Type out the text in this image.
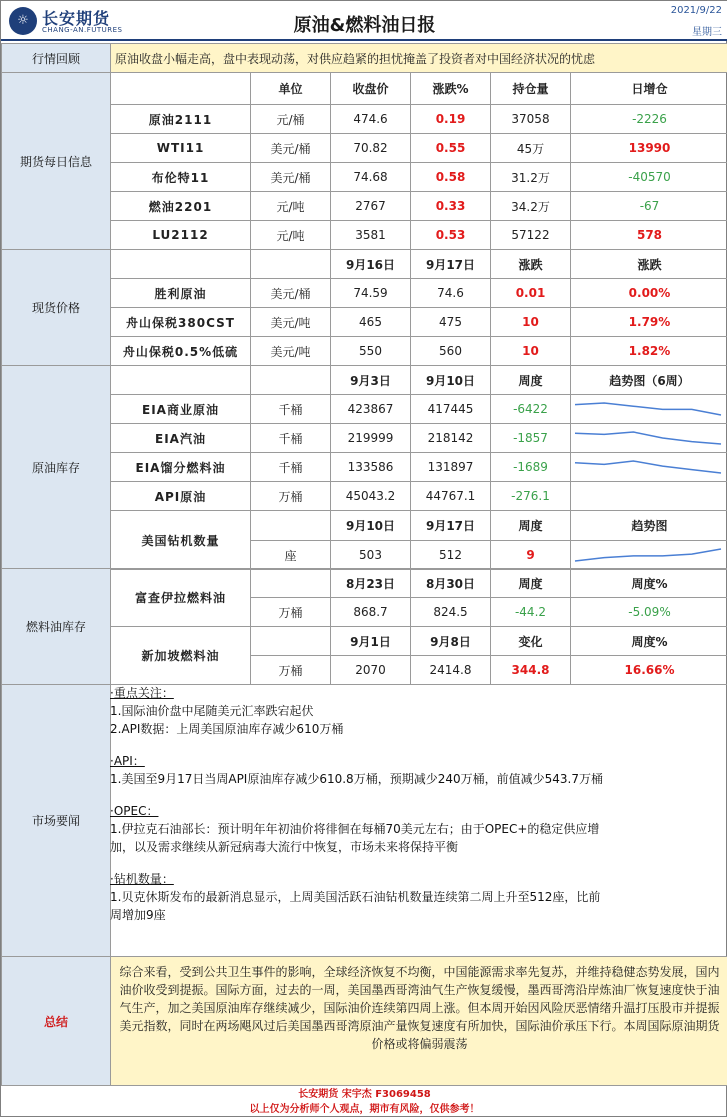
☼ 长安期货
CHANG-AN.FUTURES	原油&燃料油日报
2021/9/22
星期三
行情回顾	原油收盘小幅走高，盘中表现动荡，对供应趋紧的担忧掩盖了投资者对中国经济状况的忧虑
期货每日信息		单位	收盘价	涨跌%	持仓量	日增仓
	原油2111	元/桶	474.6	0.19	37058	-2226
	WTI11	美元/桶	70.82	0.55	45万	13990
	布伦特11	美元/桶	74.68	0.58	31.2万	-40570
	燃油2201	元/吨	2767	0.33	34.2万	-67
	LU2112	元/吨	3581	0.53	57122	578
现货价格			9月16日	9月17日	涨跌	涨跌
	胜利原油	美元/桶	74.59	74.6	0.01	0.00%
	舟山保税380CST	美元/吨	465	475	10	1.79%
	舟山保税0.5%低硫	美元/吨	550	560	10	1.82%
原油库存			9月3日	9月10日	周度	趋势图（6周）
	EIA商业原油	千桶	423867	417445	-6422	

	EIA汽油	千桶	219999	218142	-1857	

	EIA馏分燃料油	千桶	133586	131897	-1689	

	API原油	万桶	45043.2	44767.1	-276.1	
	美国钻机数量		9月10日	9月17日	周度	趋势图
		座	503	512	9	
燃料油库存	富查伊拉燃料油		8月23日	8月30日	周度	周度%
		万桶	868.7	824.5	-44.2	-5.09%
	新加坡燃料油		9月1日	9月8日	变化	周度%
		万桶	2070	2414.8	344.8	16.66%
市场要闻	
·重点关注：
1.国际油价盘中尾随美元汇率跌宕起伏
2.API数据：上周美国原油库存减少610万桶
·API：
1.美国至9月17日当周API原油库存减少610.8万桶，预期减少240万桶，前值减少543.7万桶
·OPEC：
1.伊拉克石油部长：预计明年年初油价将徘徊在每桶70美元左右；由于OPEC+的稳定供应增
加，以及需求继续从新冠病毒大流行中恢复，市场未来将保持平衡
·钻机数量：
1.贝克休斯发布的最新消息显示，上周美国活跃石油钻机数量连续第二周上升至512座，比前
周增加9座
总结	综合来看，受到公共卫生事件的影响，全球经济恢复不均衡，中国能源需求率先复苏，并维持稳健态势发展，国内油价收受到提振。国际方面，过去的一周，美国墨西哥湾油气生产恢复缓慢，墨西哥湾沿岸炼油厂恢复速度快于油气生产，加之美国原油库存继续减少，国际油价连续第四周上涨。但本周开始因风险厌恶情绪升温打压股市并提振美元指数，同时在两场飓风过后美国墨西哥湾原油产量恢复速度有所加快，国际油价承压下行。本周国际原油期货价格或将偏弱震荡
长安期货 宋宇杰 F3069458
以上仅为分析师个人观点，期市有风险，仅供参考！
